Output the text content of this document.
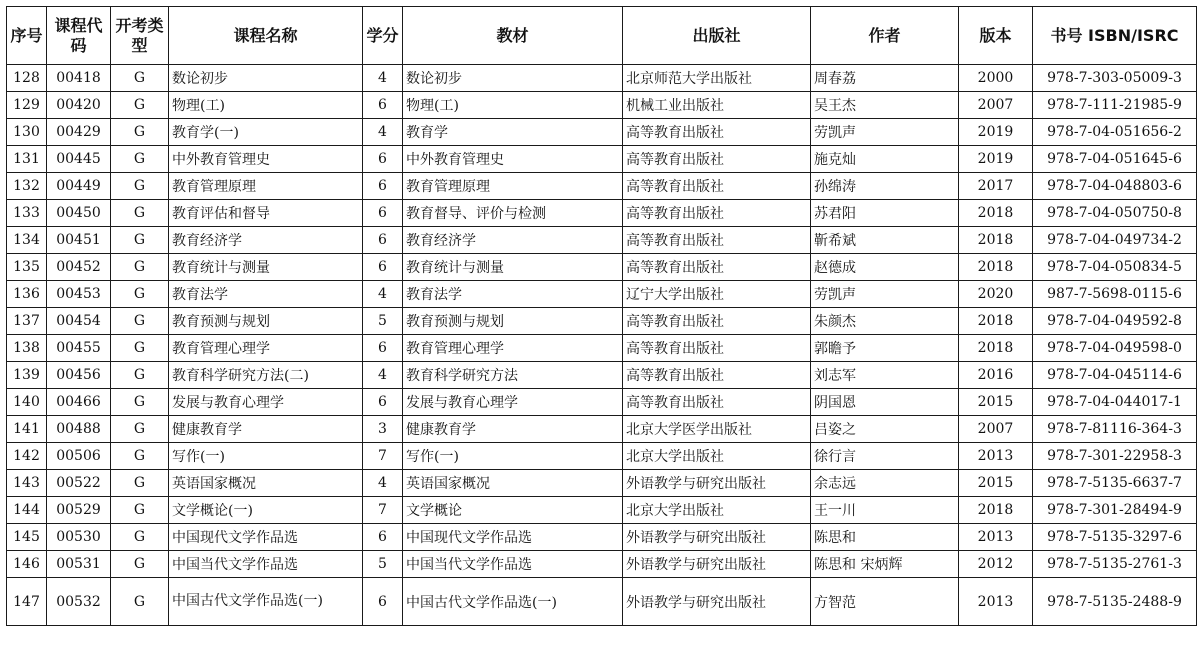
序号	课程代码	开考类型	课程名称	学分	教材	出版社	作者	版本	书号 ISBN/ISRC
128	00418	G	数论初步	4	数论初步	北京师范大学出版社	周春荔	2000	978-7-303-05009-3
129	00420	G	物理(工)	6	物理(工)	机械工业出版社	吴王杰	2007	978-7-111-21985-9
130	00429	G	教育学(一)	4	教育学	高等教育出版社	劳凯声	2019	978-7-04-051656-2
131	00445	G	中外教育管理史	6	中外教育管理史	高等教育出版社	施克灿	2019	978-7-04-051645-6
132	00449	G	教育管理原理	6	教育管理原理	高等教育出版社	孙绵涛	2017	978-7-04-048803-6
133	00450	G	教育评估和督导	6	教育督导、评价与检测	高等教育出版社	苏君阳	2018	978-7-04-050750-8
134	00451	G	教育经济学	6	教育经济学	高等教育出版社	靳希斌	2018	978-7-04-049734-2
135	00452	G	教育统计与测量	6	教育统计与测量	高等教育出版社	赵德成	2018	978-7-04-050834-5
136	00453	G	教育法学	4	教育法学	辽宁大学出版社	劳凯声	2020	987-7-5698-0115-6
137	00454	G	教育预测与规划	5	教育预测与规划	高等教育出版社	朱颜杰	2018	978-7-04-049592-8
138	00455	G	教育管理心理学	6	教育管理心理学	高等教育出版社	郭瞻予	2018	978-7-04-049598-0
139	00456	G	教育科学研究方法(二)	4	教育科学研究方法	高等教育出版社	刘志军	2016	978-7-04-045114-6
140	00466	G	发展与教育心理学	6	发展与教育心理学	高等教育出版社	阴国恩	2015	978-7-04-044017-1
141	00488	G	健康教育学	3	健康教育学	北京大学医学出版社	吕姿之	2007	978-7-81116-364-3
142	00506	G	写作(一)	7	写作(一)	北京大学出版社	徐行言	2013	978-7-301-22958-3
143	00522	G	英语国家概况	4	英语国家概况	外语教学与研究出版社	余志远	2015	978-7-5135-6637-7
144	00529	G	文学概论(一)	7	文学概论	北京大学出版社	王一川	2018	978-7-301-28494-9
145	00530	G	中国现代文学作品选	6	中国现代文学作品选	外语教学与研究出版社	陈思和	2013	978-7-5135-3297-6
146	00531	G	中国当代文学作品选	5	中国当代文学作品选	外语教学与研究出版社	陈思和 宋炳辉	2012	978-7-5135-2761-3
147	00532	G	中国古代文学作品选(一)	6	中国古代文学作品选(一)	外语教学与研究出版社	方智范	2013	978-7-5135-2488-9
